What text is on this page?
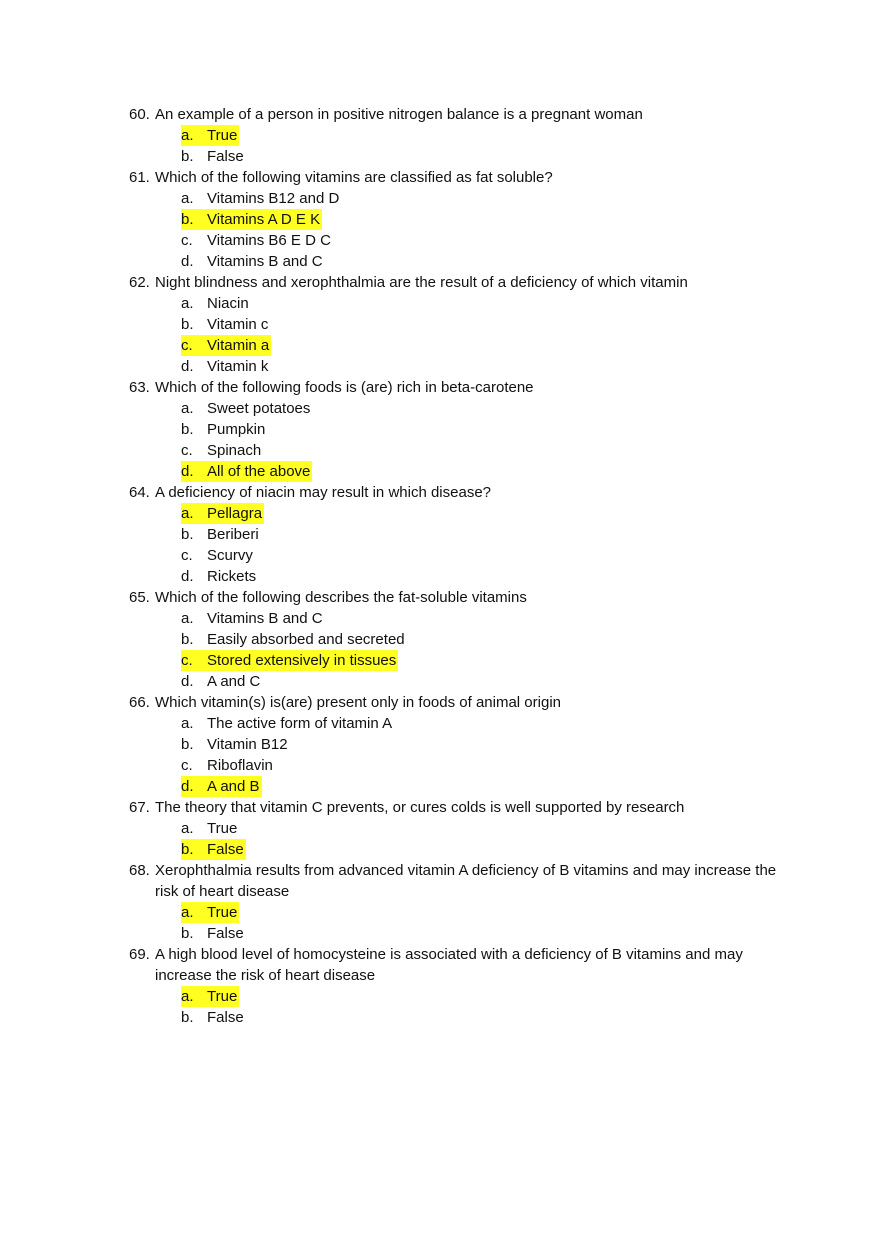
60. An example of a person in positive nitrogen balance is a pregnant woman
a. True
b. False
61. Which of the following vitamins are classified as fat soluble?
a. Vitamins B12 and D
b. Vitamins A D E K
c. Vitamins B6 E D C
d. Vitamins B and C
62. Night blindness and xerophthalmia are the result of a deficiency of which vitamin
a. Niacin
b. Vitamin c
c. Vitamin a
d. Vitamin k
63. Which of the following foods is (are) rich in beta-carotene
a. Sweet potatoes
b. Pumpkin
c. Spinach
d. All of the above
64. A deficiency of niacin may result in which disease?
a. Pellagra
b. Beriberi
c. Scurvy
d. Rickets
65. Which of the following describes the fat-soluble vitamins
a. Vitamins B and C
b. Easily absorbed and secreted
c. Stored extensively in tissues
d. A and C
66. Which vitamin(s) is(are) present only in foods of animal origin
a. The active form of vitamin A
b. Vitamin B12
c. Riboflavin
d. A and B
67. The theory that vitamin C prevents, or cures colds is well supported by research
a. True
b. False
68. Xerophthalmia results from advanced vitamin A deficiency of B vitamins and may increase the risk of heart disease
a. True
b. False
69. A high blood level of homocysteine is associated with a deficiency of B vitamins and may increase the risk of heart disease
a. True
b. False
